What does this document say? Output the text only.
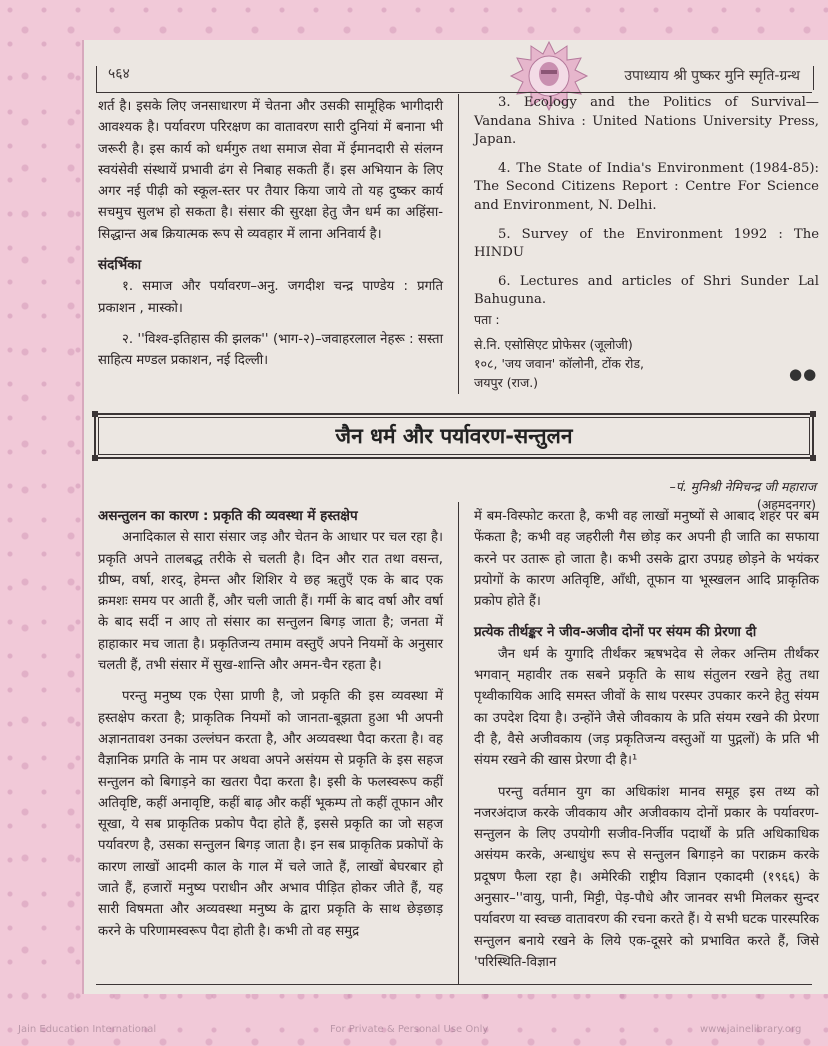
५६४	उपाध्याय श्री पुष्कर मुनि स्मृति-ग्रन्थ

शर्त है। इसके लिए जनसाधारण में चेतना और उसकी सामूहिक भागीदारी आवश्यक है। पर्यावरण परिरक्षण का वातावरण सारी दुनियां में बनाना भी जरूरी है। इस कार्य को धर्मगुरु तथा समाज सेवा में ईमानदारी से संलग्न स्वयंसेवी संस्थायें प्रभावी ढंग से निबाह सकती हैं। इस अभियान के लिए अगर नई पीढ़ी को स्कूल-स्तर पर तैयार किया जाये तो यह दुष्कर कार्य सचमुच सुलभ हो सकता है। संसार की सुरक्षा हेतु जैन धर्म का अहिंसा-सिद्धान्त अब क्रियात्मक रूप से व्यवहार में लाना अनिवार्य है।

संदर्भिका

१. समाज और पर्यावरण–अनु. जगदीश चन्द्र पाण्डेय : प्रगति प्रकाशन , मास्को।

२. ''विश्व-इतिहास की झलक'' (भाग-२)–जवाहरलाल नेहरू : सस्ता साहित्य मण्डल प्रकाशन, नई दिल्ली।

3. Ecology and the Politics of Survival— Vandana Shiva : United Nations University Press, Japan.

4. The State of India's Environment (1984-85): The Second Citizens Report : Centre For Science and Environment, N. Delhi.

5. Survey of the Environment 1992 : The HINDU

6. Lectures and articles of Shri Sunder Lal Bahuguna.

पता :

से.नि. एसोसिएट प्रोफेसर (जूलोजी)

१०८, 'जय जवान' कॉलोनी, टोंक रोड,

जयपुर (राज.)	●●
जैन धर्म और पर्यावरण-सन्तुलन
–पं. मुनिश्री नेमिचन्द्र जी महाराज
(अहमदनगर)

असन्तुलन का कारण : प्रकृति की व्यवस्था में हस्तक्षेप

अनादिकाल से सारा संसार जड़ और चेतन के आधार पर चल रहा है। प्रकृति अपने तालबद्ध तरीके से चलती है। दिन और रात तथा वसन्त, ग्रीष्म, वर्षा, शरद्, हेमन्त और शिशिर ये छह ऋतुएँ एक के बाद एक क्रमशः समय पर आती हैं, और चली जाती हैं। गर्मी के बाद वर्षा और वर्षा के बाद सर्दी न आए तो संसार का सन्तुलन बिगड़ जाता है; जनता में हाहाकार मच जाता है। प्रकृतिजन्य तमाम वस्तुएँ अपने नियमों के अनुसार चलती हैं, तभी संसार में सुख-शान्ति और अमन-चैन रहता है।

परन्तु मनुष्य एक ऐसा प्राणी है, जो प्रकृति की इस व्यवस्था में हस्तक्षेप करता है; प्राकृतिक नियमों को जानता-बूझता हुआ भी अपनी अज्ञानतावश उनका उल्लंघन करता है, और अव्यवस्था पैदा करता है। वह वैज्ञानिक प्रगति के नाम पर अथवा अपने असंयम से प्रकृति के इस सहज सन्तुलन को बिगाड़ने का खतरा पैदा करता है। इसी के फलस्वरूप कहीं अतिवृष्टि, कहीं अनावृष्टि, कहीं बाढ़ और कहीं भूकम्प तो कहीं तूफान और सूखा, ये सब प्राकृतिक प्रकोप पैदा होते हैं, इससे प्रकृति का जो सहज पर्यावरण है, उसका सन्तुलन बिगड़ जाता है। इन सब प्राकृतिक प्रकोपों के कारण लाखों आदमी काल के गाल में चले जाते हैं, लाखों बेघरबार हो जाते हैं, हजारों मनुष्य पराधीन और अभाव पीड़ित होकर जीते हैं, यह सारी विषमता और अव्यवस्था मनुष्य के द्वारा प्रकृति के साथ छेड़छाड़ करने के परिणामस्वरूप पैदा होती है। कभी तो वह समुद्र

में बम-विस्फोट करता है, कभी वह लाखों मनुष्यों से आबाद शहर पर बम फेंकता है; कभी वह जहरीली गैस छोड़ कर अपनी ही जाति का सफाया करने पर उतारू हो जाता है। कभी उसके द्वारा उपग्रह छोड़ने के भयंकर प्रयोगों के कारण अतिवृष्टि, आँधी, तूफान या भूस्खलन आदि प्राकृतिक प्रकोप होते हैं।

प्रत्येक तीर्थङ्कर ने जीव-अजीव दोनों पर संयम की प्रेरणा दी

जैन धर्म के युगादि तीर्थंकर ऋषभदेव से लेकर अन्तिम तीर्थंकर भगवान् महावीर तक सबने प्रकृति के साथ संतुलन रखने हेतु तथा पृथ्वीकायिक आदि समस्त जीवों के साथ परस्पर उपकार करने हेतु संयम का उपदेश दिया है। उन्होंने जैसे जीवकाय के प्रति संयम रखने की प्रेरणा दी है, वैसे अजीवकाय (जड़ प्रकृतिजन्य वस्तुओं या पुद्गलों) के प्रति भी संयम रखने की खास प्रेरणा दी है।¹

परन्तु वर्तमान युग का अधिकांश मानव समूह इस तथ्य को नजरअंदाज करके जीवकाय और अजीवकाय दोनों प्रकार के पर्यावरण-सन्तुलन के लिए उपयोगी सजीव-निर्जीव पदार्थों के प्रति अधिकाधिक असंयम करके, अन्धाधुंध रूप से सन्तुलन बिगाड़ने का पराक्रम करके प्रदूषण फैला रहा है। अमेरिकी राष्ट्रीय विज्ञान एकादमी (१९६६) के अनुसार–''वायु, पानी, मिट्टी, पेड़-पौधे और जानवर सभी मिलकर सुन्दर पर्यावरण या स्वच्छ वातावरण की रचना करते हैं। ये सभी घटक पारस्परिक सन्तुलन बनाये रखने के लिये एक-दूसरे को प्रभावित करते हैं, जिसे 'परिस्थिति-विज्ञान

Jain Education International	For Private & Personal Use Only	www.jainelibrary.org
